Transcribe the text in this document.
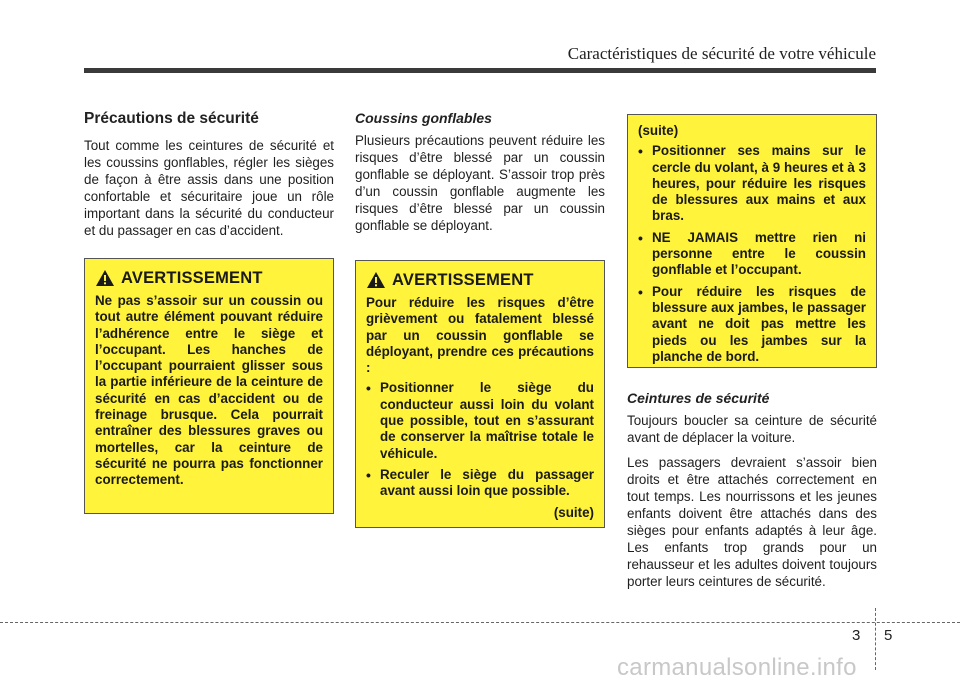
Caractéristiques de sécurité de votre véhicule
Précautions de sécurité

Tout comme les ceintures de sécurité et les coussins gonflables, régler les sièges de façon à être assis dans une position confortable et sécuritaire joue un rôle important dans la sécurité du conducteur et du passager en cas d’accident.

AVERTISSEMENT

Ne pas s’assoir sur un coussin ou tout autre élément pouvant réduire l’adhérence entre le siège et l’occupant. Les hanches de l’occupant pourraient glisser sous la partie inférieure de la ceinture de sécurité en cas d’accident ou de freinage brusque. Cela pourrait entraîner des blessures graves ou mortelles, car la ceinture de sécurité ne pourra pas fonctionner correctement.

Coussins gonflables

Plusieurs précautions peuvent réduire les risques d’être blessé par un coussin gonflable se déployant. S’assoir trop près d’un coussin gonflable augmente les risques d’être blessé par un coussin gonflable se déployant.

AVERTISSEMENT

Pour réduire les risques d’être grièvement ou fatalement blessé par un coussin gonflable se déployant, prendre ces précautions :

• Positionner le siège du conducteur aussi loin du volant que possible, tout en s’assurant de conserver la maîtrise totale le véhicule.
• Reculer le siège du passager avant aussi loin que possible.

(suite)

(suite)

• Positionner ses mains sur le cercle du volant, à 9 heures et à 3 heures, pour réduire les risques de blessures aux mains et aux bras.
• NE JAMAIS mettre rien ni personne entre le coussin gonflable et l’occupant.
• Pour réduire les risques de blessure aux jambes, le passager avant ne doit pas mettre les pieds ou les jambes sur la planche de bord.
Ceintures de sécurité

Toujours boucler sa ceinture de sécurité avant de déplacer la voiture.

Les passagers devraient s’assoir bien droits et être attachés correctement en tout temps. Les nourrissons et les jeunes enfants doivent être attachés dans des sièges pour enfants adaptés à leur âge. Les enfants trop grands pour un rehausseur et les adultes doivent toujours porter leurs ceintures de sécurité.

3 5
carmanualsonline.info
